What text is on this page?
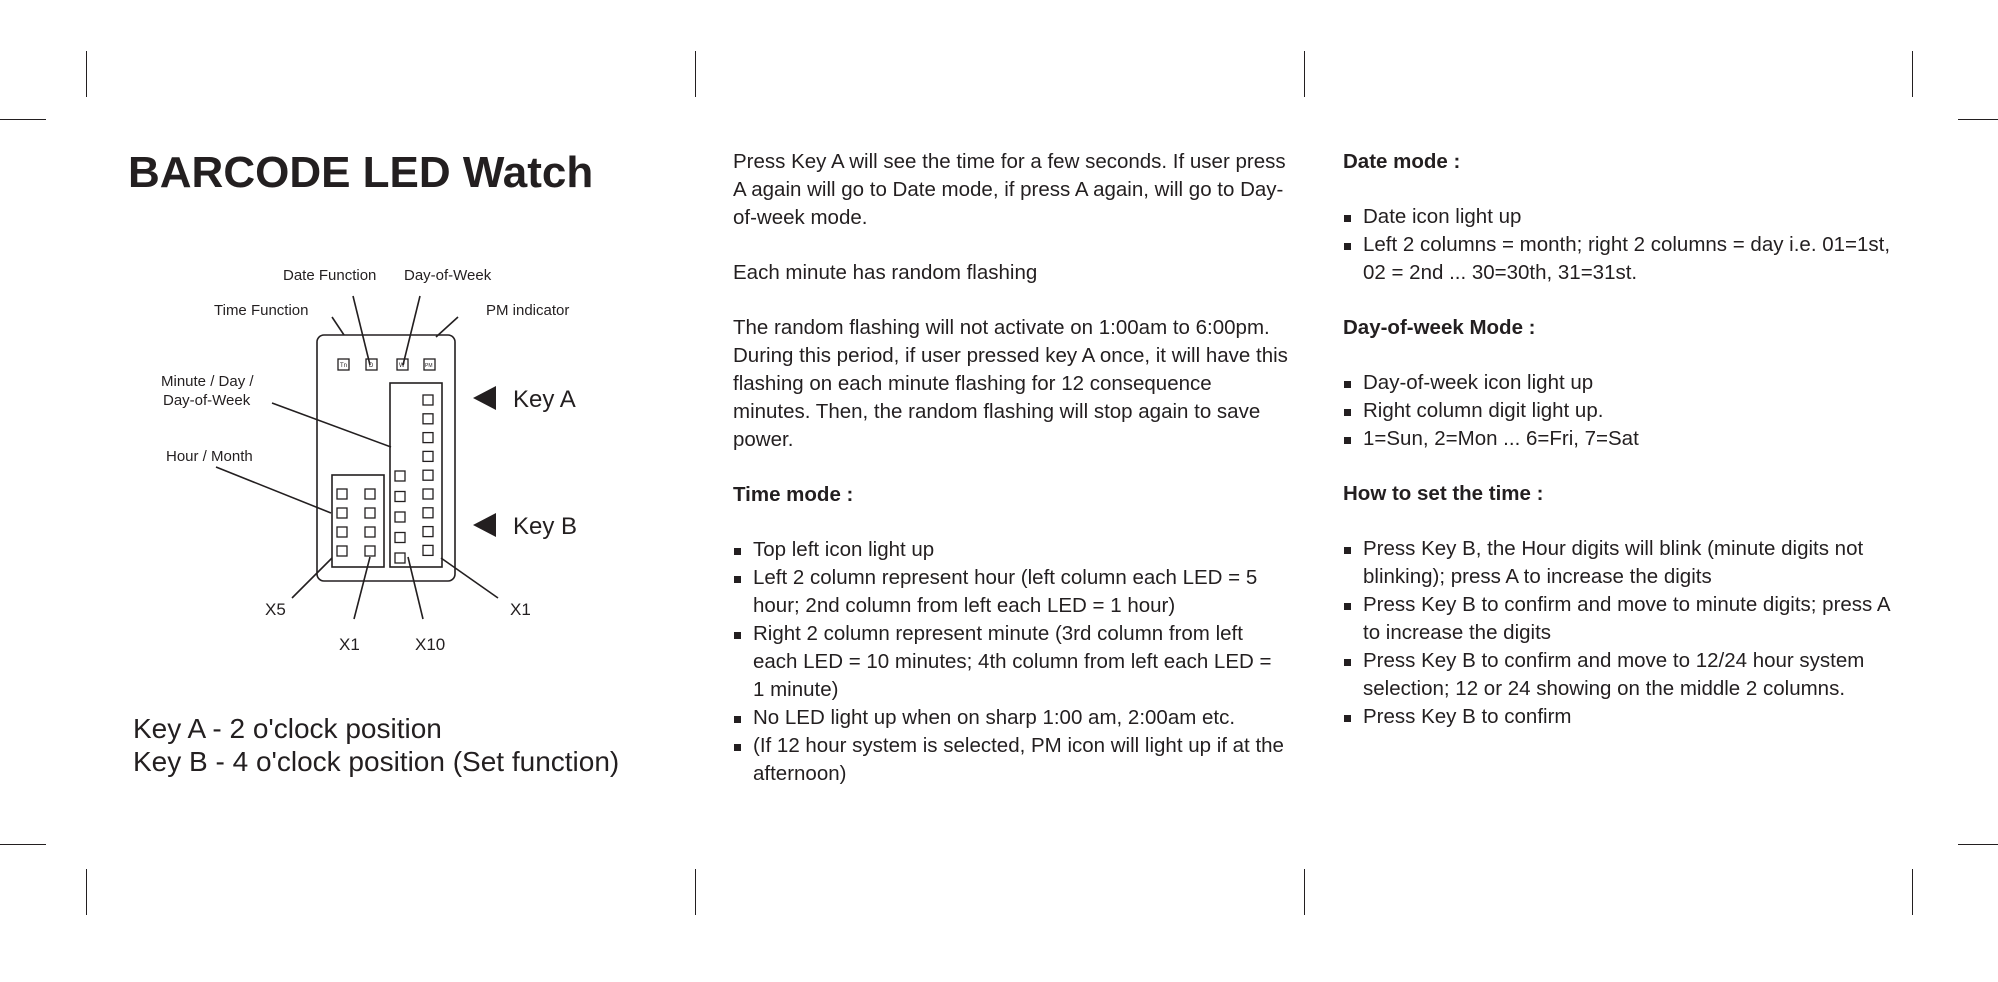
BARCODE LED Watch
Tn	D	W	PM
Date Function Day-of-Week
Time Function	PM indicator
Minute / Day /
Day-of-Week
Hour / Month
Key A
Key B
X5
X1	X10
X1
Key A - 2 o'clock position
Key B - 4 o'clock position (Set function)

Press Key A will see the time for a few seconds. If user press A again will go to Date mode, if press A again, will go to Day-of-week mode.

Each minute has random flashing

The random flashing will not activate on 1:00am to 6:00pm. During this period, if user pressed key A once, it will have this flashing on each minute flashing for 12 consequence minutes. Then, the random flashing will stop again to save power.

Time mode :
Top left icon light up
Left 2 column represent hour (left column each LED = 5 hour; 2nd column from left each LED = 1 hour)
Right 2 column represent minute (3rd column from left each LED = 10 minutes; 4th column from left each LED = 1 minute)
No LED light up when on sharp 1:00 am, 2:00am etc.
(If 12 hour system is selected, PM icon will light up if at the afternoon)
Date mode :
Date icon light up
Left 2 columns = month; right 2 columns = day i.e. 01=1st, 02 = 2nd ... 30=30th, 31=31st.
Day-of-week Mode :
Day-of-week icon light up
Right column digit light up.
1=Sun, 2=Mon ... 6=Fri, 7=Sat
How to set the time :
Press Key B, the Hour digits will blink (minute digits not blinking); press A to increase the digits
Press Key B to confirm and move to minute digits; press A to increase the digits
Press Key B to confirm and move to 12/24 hour system selection; 12 or 24 showing on the middle 2 columns.
Press Key B to confirm
